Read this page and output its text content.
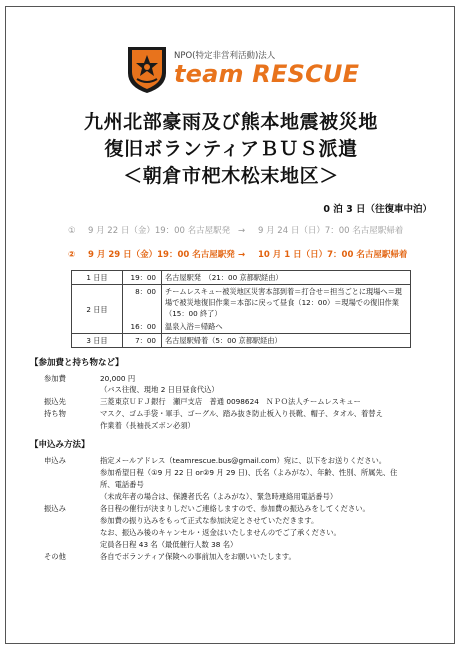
NPO(特定非営利活動)法人
team RESCUE
九州北部豪雨及び熊本地震被災地
復旧ボランティアＢＵＳ派遣
＜朝倉市杷木松末地区＞
0 泊 3 日（往復車中泊）
① 9 月 22 日（金）19：00 名古屋駅発 → 9 月 24 日（日）7：00 名古屋駅帰着
② 9 月 29 日（金）19：00 名古屋駅発 → 10 月 1 日（日）7：00 名古屋駅帰着
1 日目	19：00	名古屋駅発　（21：00 京都駅経由）
2 日目	8：00	チームレスキュー被災地区災害本部到着＝打合せ＝担当ごとに現場へ＝現
場で被災地復旧作業＝本部に戻って昼食（12：00）＝現場での復旧作業
（15：00 終了）

	16：00	温泉入浴＝帰路へ
3 日目	7：00	名古屋駅帰着（5：00 京都駅経由）
【参加費と持ち物など】
参加費	20,000 円
（バス往復、現地 2 日目昼食代込）
振込先	三菱東京ＵＦＪ銀行　瀬戸支店　普通 0098624　ＮＰＯ法人チームレスキュー
持ち物	マスク、ゴム手袋・軍手、ゴーグル、踏み抜き防止板入り長靴、帽子、タオル、着替え
作業着（長袖長ズボン必須）
【申込み方法】
申込み	指定メールアドレス（teamrescue.bus@gmail.com）宛に、以下をお送りください。
参加希望日程（①9 月 22 日 or②9 月 29 日)、氏名（よみがな）、年齢、性別、所属先、住
所、電話番号
（未成年者の場合は、保護者氏名（よみがな）、緊急時連絡用電話番号）
振込み	各日程の催行が決まりしだいご連絡しますので、参加費の振込みをしてください。
参加費の振り込みをもって正式な参加決定とさせていただきます。
なお、振込み後のキャンセル・返金はいたしませんのでご了承ください。
定員各日程 43 名（最低催行人数 38 名）
その他	各自でボランティア保険への事前加入をお願いいたします。
